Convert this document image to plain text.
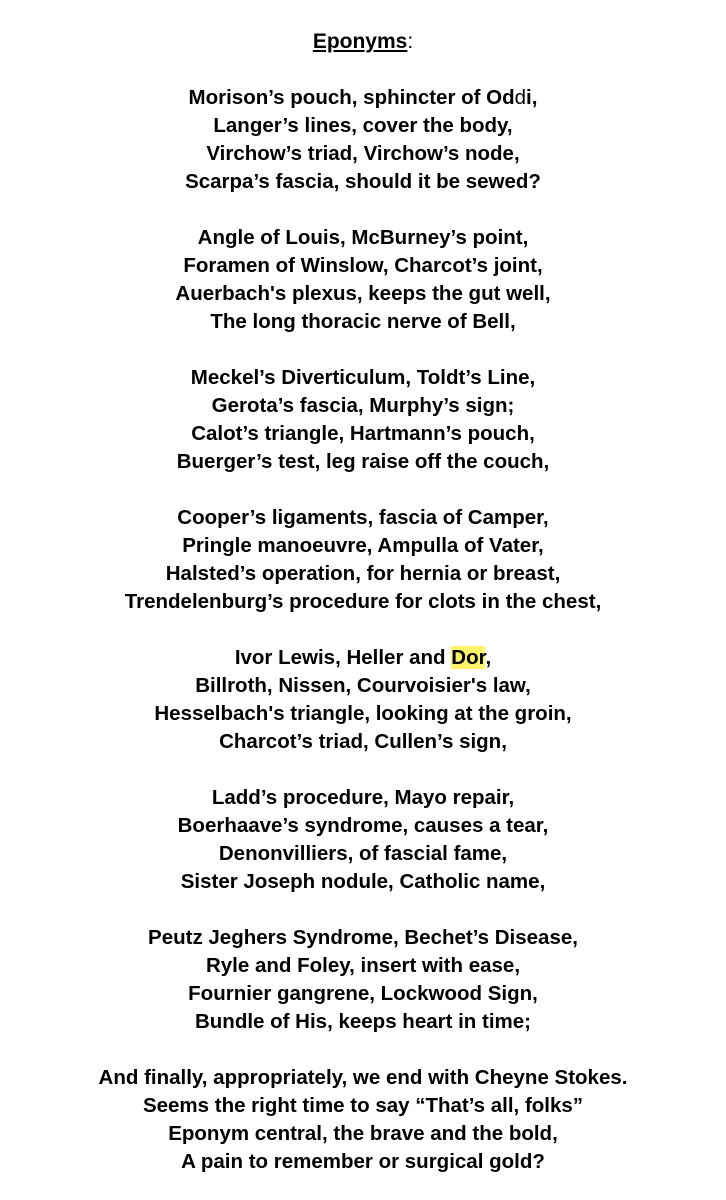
Eponyms:
Morison’s pouch, sphincter of Oddi,
Langer’s lines, cover the body,
Virchow’s triad, Virchow’s node,
Scarpa’s fascia, should it be sewed?
Angle of Louis, McBurney’s point,
Foramen of Winslow, Charcot’s joint,
Auerbach's plexus, keeps the gut well,
The long thoracic nerve of Bell,
Meckel’s Diverticulum, Toldt’s Line,
Gerota’s fascia, Murphy’s sign;
Calot’s triangle, Hartmann’s pouch,
Buerger’s test, leg raise off the couch,
Cooper’s ligaments, fascia of Camper,
Pringle manoeuvre, Ampulla of Vater,
Halsted’s operation, for hernia or breast,
Trendelenburg’s procedure for clots in the chest,
Ivor Lewis, Heller and Dor,
Billroth, Nissen, Courvoisier's law,
Hesselbach's triangle, looking at the groin,
Charcot’s triad, Cullen’s sign,
Ladd’s procedure, Mayo repair,
Boerhaave’s syndrome, causes a tear,
Denonvilliers, of fascial fame,
Sister Joseph nodule, Catholic name,
Peutz Jeghers Syndrome, Bechet’s Disease,
Ryle and Foley, insert with ease,
Fournier gangrene, Lockwood Sign,
Bundle of His, keeps heart in time;
And finally, appropriately, we end with Cheyne Stokes.
Seems the right time to say “That’s all, folks”
Eponym central, the brave and the bold,
A pain to remember or surgical gold?
